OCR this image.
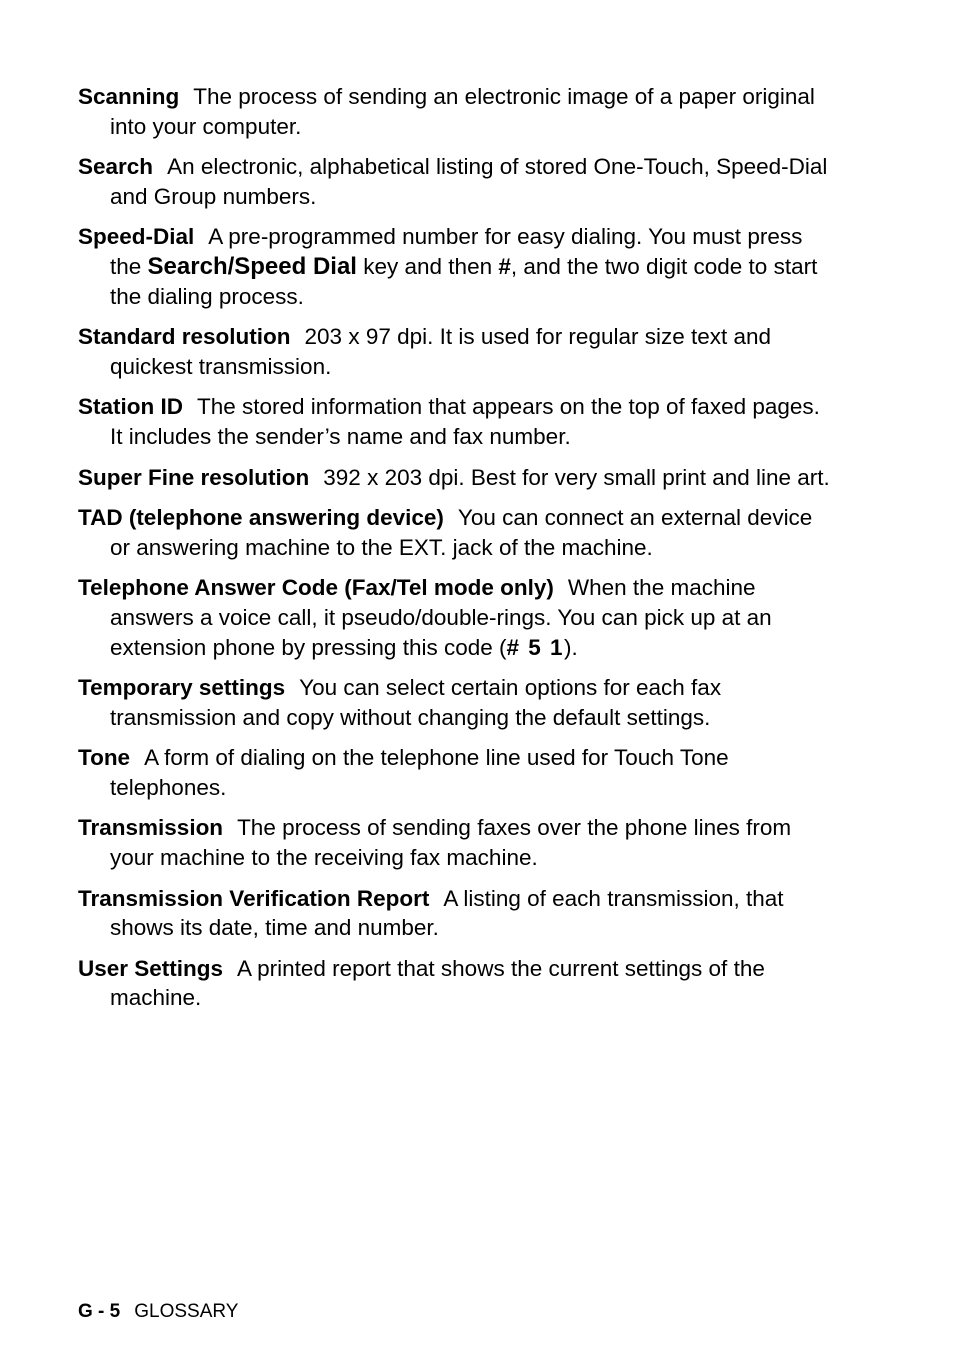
Scanning The process of sending an electronic image of a paper original into your computer.

Search An electronic, alphabetical listing of stored One-Touch, Speed-Dial and Group numbers.

Speed-Dial A pre-programmed number for easy dialing. You must press the Search/Speed Dial key and then #, and the two digit code to start the dialing process.

Standard resolution 203 x 97 dpi. It is used for regular size text and quickest transmission.

Station ID The stored information that appears on the top of faxed pages. It includes the sender’s name and fax number.

Super Fine resolution 392 x 203 dpi. Best for very small print and line art.

TAD (telephone answering device) You can connect an external device or answering machine to the EXT. jack of the machine.

Telephone Answer Code (Fax/Tel mode only) When the machine answers a voice call, it pseudo/double-rings. You can pick up at an extension phone by pressing this code (# 5 1).

Temporary settings You can select certain options for each fax transmission and copy without changing the default settings.

Tone A form of dialing on the telephone line used for Touch Tone telephones.

Transmission The process of sending faxes over the phone lines from your machine to the receiving fax machine.

Transmission Verification Report A listing of each transmission, that shows its date, time and number.

User Settings A printed report that shows the current settings of the machine.

G - 5 GLOSSARY
